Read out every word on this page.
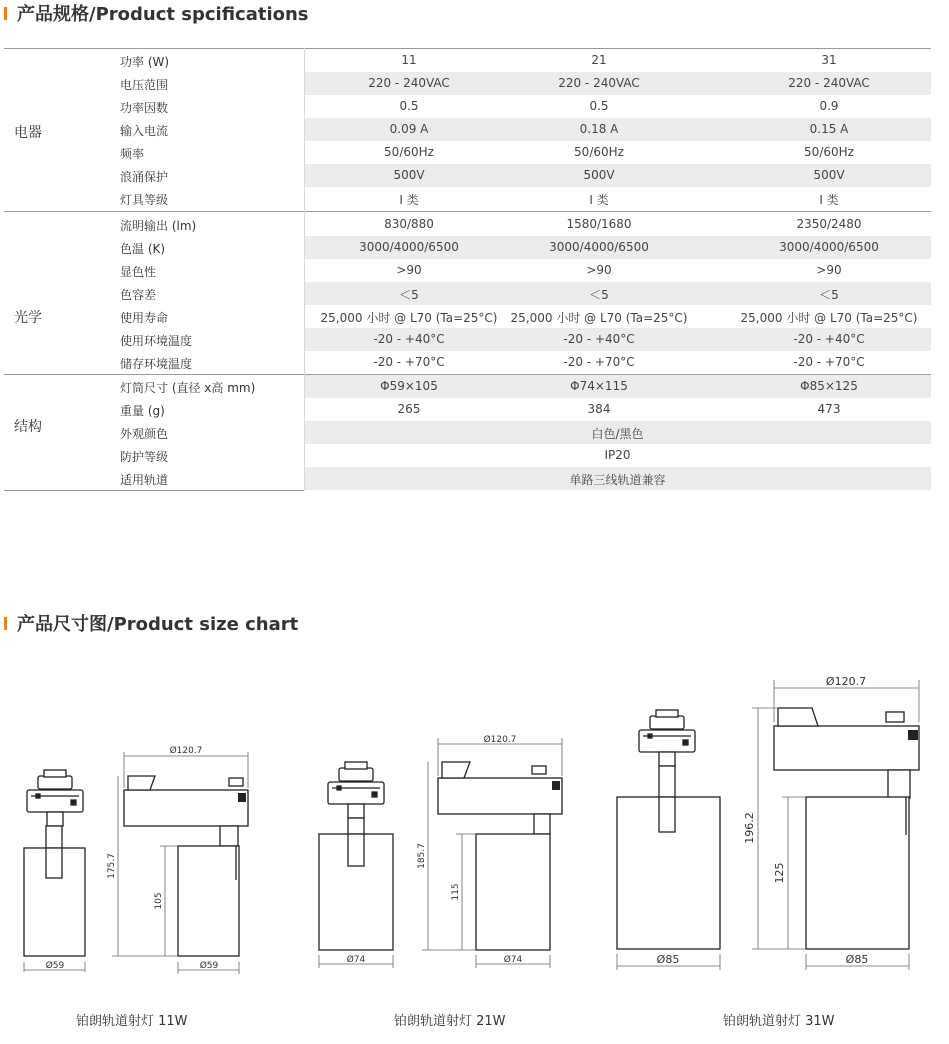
产品规格/Product spcifications
电器
功率 (W)	11	21	31
电压范围	220 - 240VAC	220 - 240VAC	220 - 240VAC
功率因数	0.5	0.5	0.9
输入电流	0.09 A	0.18 A	0.15 A
频率	50/60Hz	50/60Hz	50/60Hz
浪涌保护	500V	500V	500V
灯具等级	I 类	I 类	I 类
光学
流明输出 (lm)	830/880	1580/1680	2350/2480
色温 (K)	3000/4000/6500	3000/4000/6500	3000/4000/6500
显色性	>90	>90	>90
色容差	＜5	＜5	＜5
使用寿命	25,000 小时 @ L70 (Ta=25°C)	25,000 小时 @ L70 (Ta=25°C)	25,000 小时 @ L70 (Ta=25°C)
使用环境温度	-20 - +40°C	-20 - +40°C	-20 - +40°C
储存环境温度	-20 - +70°C	-20 - +70°C	-20 - +70°C
结构
灯筒尺寸 (直径 x高 mm)	Φ59×105	Φ74×115	Φ85×125
重量 (g)	265	384	473
外观颜色	白色/黑色
防护等级	IP20
适用轨道	单路三线轨道兼容
产品尺寸图/Product size chart
Ø59
Ø120.7
175.7
105
Ø59
Ø74
Ø120.7
185.7
115
Ø74	Ø85
Ø120.7
196.2
125
Ø85
铂朗轨道射灯 11W	铂朗轨道射灯 21W	铂朗轨道射灯 31W
